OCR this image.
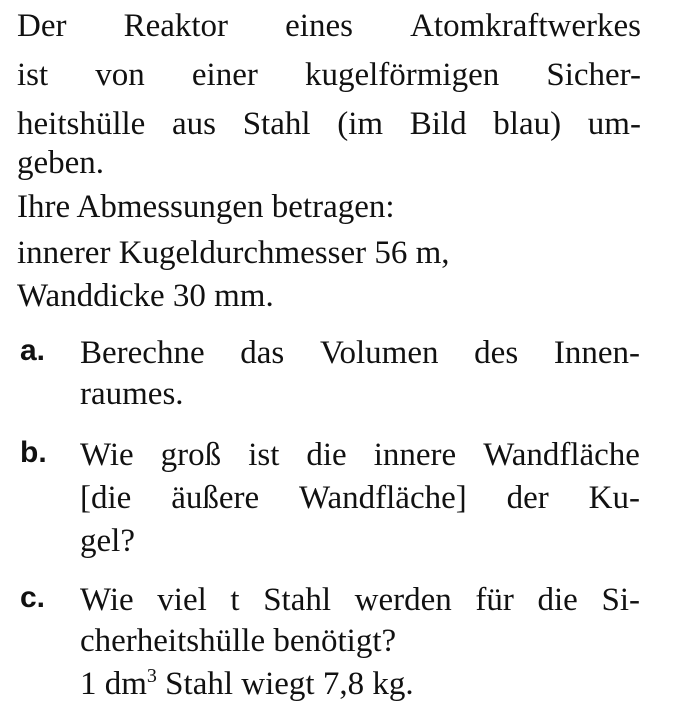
Der Reaktor eines Atomkraftwerkes
ist von einer kugelförmigen Sicher-
heitshülle aus Stahl (im Bild blau) um-
geben.
Ihre Abmessungen betragen:
innerer Kugeldurchmesser 56 m,
Wanddicke 30 mm.
a. Berechne das Volumen des Innen-
raumes.
b. Wie groß ist die innere Wandfläche
[die äußere Wandfläche] der Ku-
gel?
c. Wie viel t Stahl werden für die Si-
cherheitshülle benötigt?
1 $dm^3$ Stahl wiegt 7,8 kg.
